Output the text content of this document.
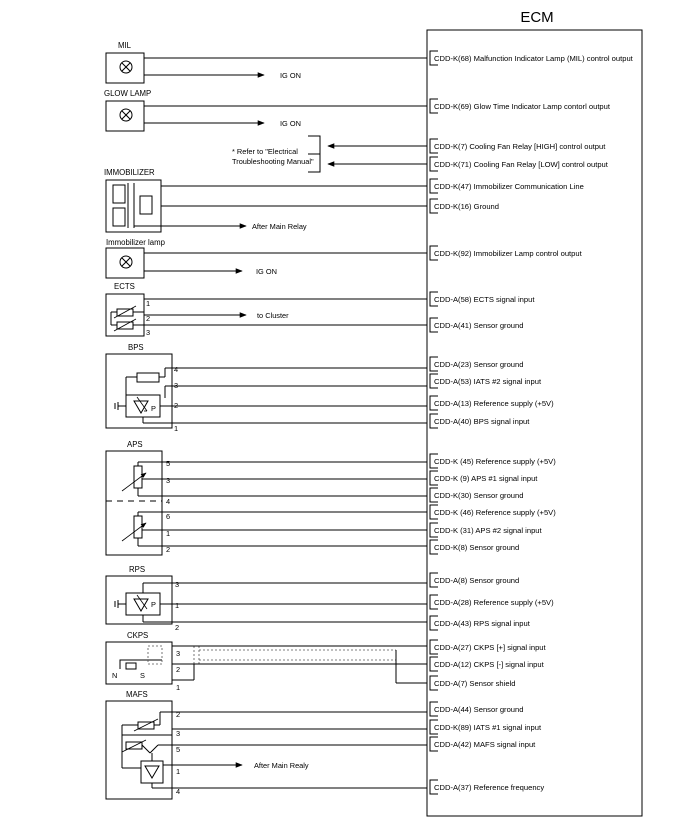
ECM
CDD-K(68) Malfunction Indicator Lamp (MIL) control output
CDD-K(69) Glow Time Indicator Lamp contorl output
CDD-K(7) Cooling Fan Relay [HIGH] control output
CDD-K(71) Cooling Fan Relay [LOW] control output
CDD-K(47) Immobilizer Communication Line
CDD-K(16) Ground
CDD-K(92) Immobilizer Lamp control output
CDD-A(58) ECTS signal input
CDD-A(41) Sensor ground
CDD-A(23) Sensor ground
CDD-A(53) IATS #2 signal input
CDD-A(13) Reference supply (+5V)
CDD-A(40) BPS signal input
CDD-K (45) Reference supply (+5V)
CDD-K (9) APS #1 signal input
CDD-K(30) Sensor ground
CDD-K (46) Reference supply (+5V)
CDD-K (31) APS #2 signal input
CDD-K(8) Sensor ground
CDD-A(8) Sensor ground
CDD-A(28) Reference supply (+5V)
CDD-A(43) RPS signal input
CDD-A(27) CKPS [+] signal input
CDD-A(12) CKPS [-] signal input
CDD-A(7) Sensor shield
CDD-A(44) Sensor ground
CDD-K(89) IATS #1 signal input
CDD-A(42) MAFS signal input
CDD-A(37) Reference frequency
MIL
IG ON
GLOW LAMP
IG ON
* Refer to "Electrical
Troubleshooting Manual"
IMMOBILIZER
After Main Relay
Immobilizer lamp
IG ON
ECTS
to Cluster
1
2
3
BPS
P
4
3
2
1
APS
5
3
4
6
1
2
RPS
P
3
1
2
CKPS
N	S
3
2
1
MAFS
After Main Realy
2
3
5
1
4
